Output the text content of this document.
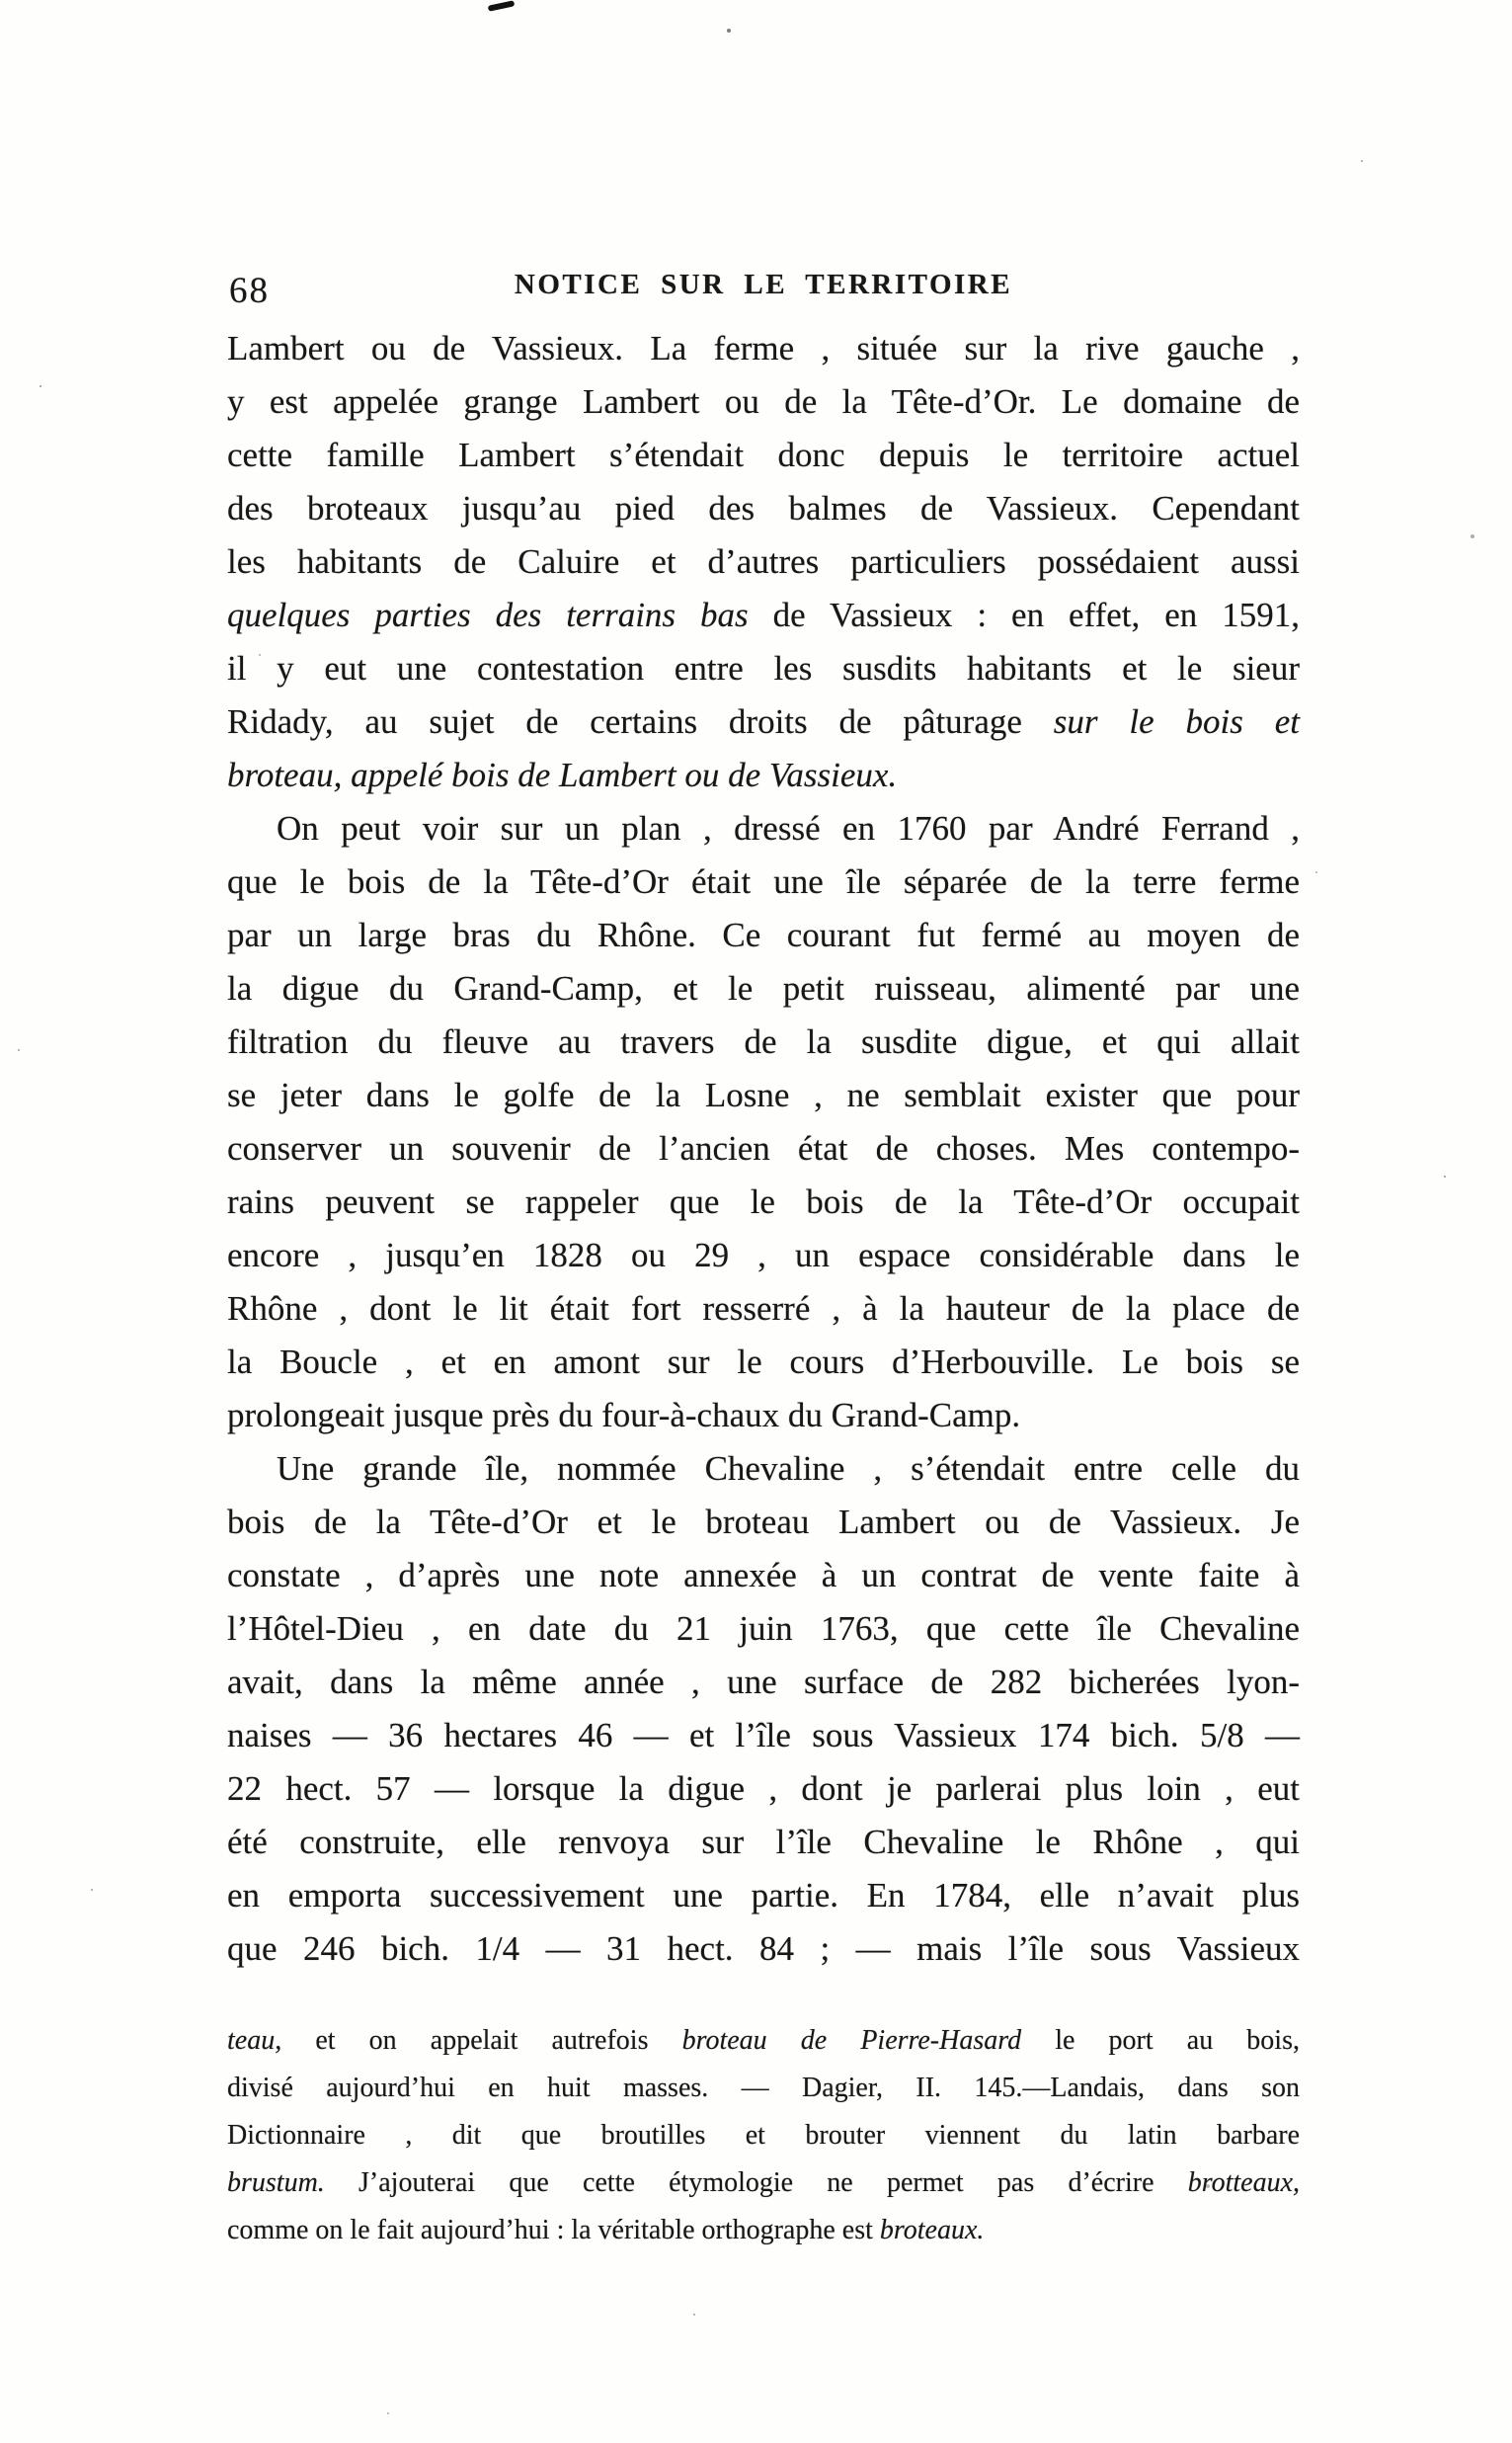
68	NOTICE SUR LE TERRITOIRE
Lambert ou de Vassieux. La ferme , située sur la rive gauche ,
y est appelée grange Lambert ou de la Tête-d’Or. Le domaine de
cette famille Lambert s’étendait donc depuis le territoire actuel
des broteaux jusqu’au pied des balmes de Vassieux. Cependant
les habitants de Caluire et d’autres particuliers possédaient aussi
quelques parties des terrains bas de Vassieux : en effet, en 1591,
il y eut une contestation entre les susdits habitants et le sieur
Ridady, au sujet de certains droits de pâturage sur le bois et
broteau, appelé bois de Lambert ou de Vassieux.
On peut voir sur un plan , dressé en 1760 par André Ferrand ,
que le bois de la Tête-d’Or était une île séparée de la terre ferme
par un large bras du Rhône. Ce courant fut fermé au moyen de
la digue du Grand-Camp, et le petit ruisseau, alimenté par une
filtration du fleuve au travers de la susdite digue, et qui allait
se jeter dans le golfe de la Losne , ne semblait exister que pour
conserver un souvenir de l’ancien état de choses. Mes contempo-
rains peuvent se rappeler que le bois de la Tête-d’Or occupait
encore , jusqu’en 1828 ou 29 , un espace considérable dans le
Rhône , dont le lit était fort resserré , à la hauteur de la place de
la Boucle , et en amont sur le cours d’Herbouville. Le bois se
prolongeait jusque près du four-à-chaux du Grand-Camp.
Une grande île, nommée Chevaline , s’étendait entre celle du
bois de la Tête-d’Or et le broteau Lambert ou de Vassieux. Je
constate , d’après une note annexée à un contrat de vente faite à
l’Hôtel-Dieu , en date du 21 juin 1763, que cette île Chevaline
avait, dans la même année , une surface de 282 bicherées lyon-
naises — 36 hectares 46 — et l’île sous Vassieux 174 bich. 5/8 —
22 hect. 57 — lorsque la digue , dont je parlerai plus loin , eut
été construite, elle renvoya sur l’île Chevaline le Rhône , qui
en emporta successivement une partie. En 1784, elle n’avait plus
que 246 bich. 1/4 — 31 hect. 84 ; — mais l’île sous Vassieux
teau, et on appelait autrefois broteau de Pierre-Hasard le port au bois,
divisé aujourd’hui en huit masses. — Dagier, II. 145.—Landais, dans son
Dictionnaire , dit que broutilles et brouter viennent du latin barbare
brustum. J’ajouterai que cette étymologie ne permet pas d’écrire brotteaux,
comme on le fait aujourd’hui : la véritable orthographe est broteaux.
